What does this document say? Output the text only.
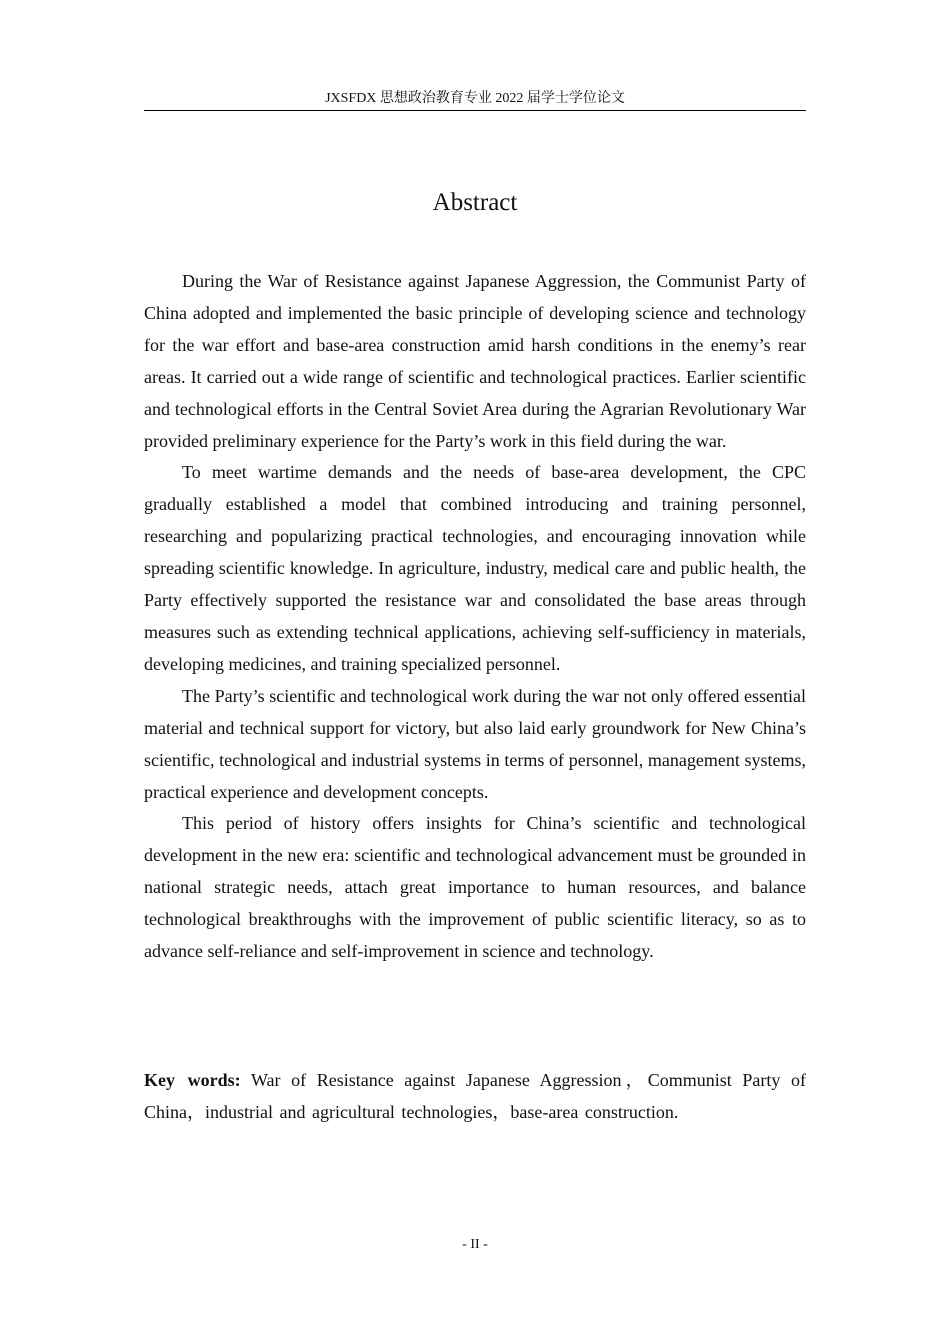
JXSFDX 思想政治教育专业 2022 届学士学位论文
Abstract

During the War of Resistance against Japanese Aggression, the Communist Party of China adopted and implemented the basic principle of developing science and technology for the war effort and base-area construction amid harsh conditions in the enemy’s rear areas. It carried out a wide range of scientific and technological practices. Earlier scientific and technological efforts in the Central Soviet Area during the Agrarian Revolutionary War provided preliminary experience for the Party’s work in this field during the war.

To meet wartime demands and the needs of base-area development, the CPC gradually established a model that combined introducing and training personnel, researching and popularizing practical technologies, and encouraging innovation while spreading scientific knowledge. In agriculture, industry, medical care and public health, the Party effectively supported the resistance war and consolidated the base areas through measures such as extending technical applications, achieving self-sufficiency in materials, developing medicines, and training specialized personnel.

The Party’s scientific and technological work during the war not only offered essential material and technical support for victory, but also laid early groundwork for New China’s scientific, technological and industrial systems in terms of personnel, management systems, practical experience and development concepts.

This period of history offers insights for China’s scientific and technological development in the new era: scientific and technological advancement must be grounded in national strategic needs, attach great importance to human resources, and balance technological breakthroughs with the improvement of public scientific literacy, so as to advance self-reliance and self-improvement in science and technology.

Key words: War of Resistance against Japanese Aggression，Communist Party of China，industrial and agricultural technologies，base-area construction.

- II -
